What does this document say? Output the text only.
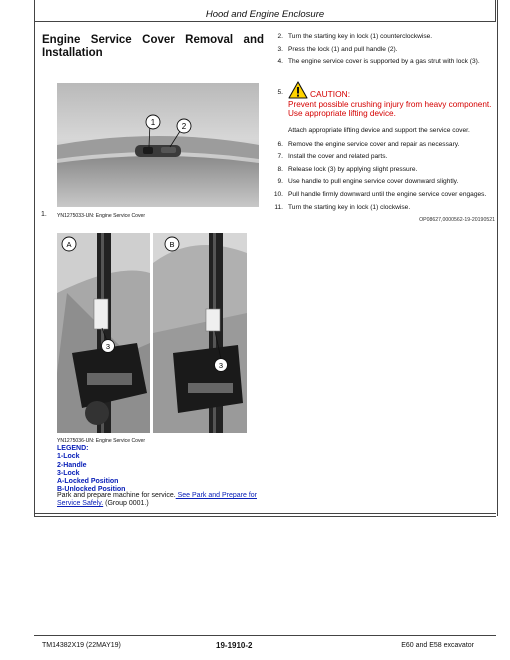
Hood and Engine Enclosure
Engine Service Cover Removal and Installation
1	2
1. YN1275033-UN: Engine Service Cover
3
A
3
B
YN1275036-UN: Engine Service Cover
LEGEND:
1-Lock
2-Handle
3-Lock
A-Locked Position
B-Unlocked Position
Park and prepare machine for service. See Park and Prepare for Service Safely. (Group 0001.)
2. Turn the starting key in lock (1) counterclockwise.
3. Press the lock (1) and pull handle (2).
4. The engine service cover is supported by a gas strut with lock (3).
5.	CAUTION:
Prevent possible crushing injury from heavy component. Use appropriate lifting device.
Attach appropriate lifting device and support the service cover.
6. Remove the engine service cover and repair as necessary.
7. Install the cover and related parts.
8. Release lock (3) by applying slight pressure.
9. Use handle to pull engine service cover downward slightly.
10. Pull handle firmly downward until the engine service cover engages.
11. Turn the starting key in lock (1) clockwise.
OP08627,0000562-19-20190521
TM14382X19 (22MAY19)	19-1910-2	E60 and E58 excavator
